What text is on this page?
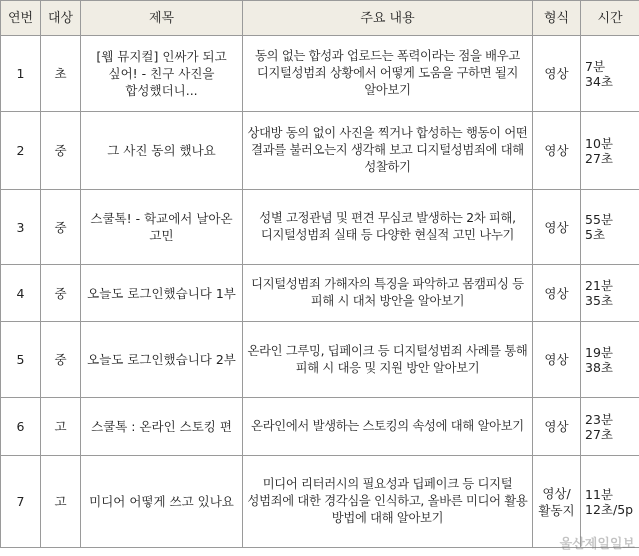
연번	대상	제목	주요 내용	형식	시간
1	초	[웹 뮤지컬] 인싸가 되고 싶어! - 친구 사진을 합성했더니...	동의 없는 합성과 업로드는 폭력이라는 점을 배우고 디지털성범죄 상황에서 어떻게 도움을 구하면 될지 알아보기	영상	7분 34초
2	중	그 사진 동의 했나요	상대방 동의 없이 사진을 찍거나 합성하는 행동이 어떤 결과를 불러오는지 생각해 보고 디지털성범죄에 대해 성찰하기	영상	10분 27초
3	중	스쿨톡! - 학교에서 날아온 고민	성별 고정관념 및 편견 무심코 발생하는 2차 피해, 디지털성범죄 실태 등 다양한 현실적 고민 나누기	영상	55분 5초
4	중	오늘도 로그인했습니다 1부	디지털성범죄 가해자의 특징을 파악하고 몸캠피싱 등 피해 시 대처 방안을 알아보기	영상	21분 35초
5	중	오늘도 로그인했습니다 2부	온라인 그루밍, 딥페이크 등 디지털성범죄 사례를 통해 피해 시 대응 및 지원 방안 알아보기	영상	19분 38초
6	고	스쿨톡 : 온라인 스토킹 편	온라인에서 발생하는 스토킹의 속성에 대해 알아보기	영상	23분 27초
7	고	미디어 어떻게 쓰고 있나요	미디어 리터러시의 필요성과 딥페이크 등 디지털 성범죄에 대한 경각심을 인식하고, 올바른 미디어 활용 방법에 대해 알아보기	영상/활동지	11분 12초/5p
울산제일일보
